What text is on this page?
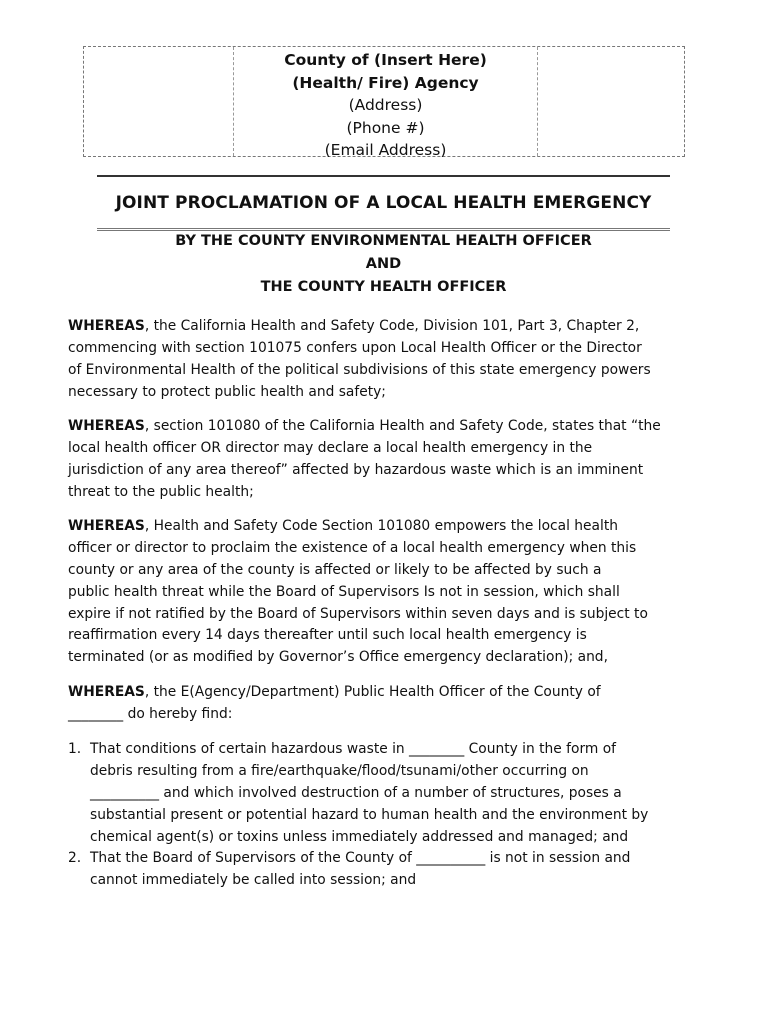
County of (Insert Here)
(Health/ Fire) Agency
(Address)
(Phone #)
(Email Address)
JOINT PROCLAMATION OF A LOCAL HEALTH EMERGENCY
BY THE COUNTY ENVIRONMENTAL HEALTH OFFICER
AND
THE COUNTY HEALTH OFFICER
WHEREAS, the California Health and Safety Code, Division 101, Part 3, Chapter 2,
commencing with section 101075 confers upon Local Health Officer or the Director
of Environmental Health of the political subdivisions of this state emergency powers
necessary to protect public health and safety;
WHEREAS, section 101080 of the California Health and Safety Code, states that “the
local health officer OR director may declare a local health emergency in the
jurisdiction of any area thereof” affected by hazardous waste which is an imminent
threat to the public health;
WHEREAS, Health and Safety Code Section 101080 empowers the local health
officer or director to proclaim the existence of a local health emergency when this
county or any area of the county is affected or likely to be affected by such a
public health threat while the Board of Supervisors Is not in session, which shall
expire if not ratified by the Board of Supervisors within seven days and is subject to
reaffirmation every 14 days thereafter until such local health emergency is
terminated (or as modified by Governor’s Office emergency declaration); and,
WHEREAS, the E(Agency/Department) Public Health Officer of the County of
________ do hereby find:
1. That conditions of certain hazardous waste in ________ County in the form of
debris resulting from a fire/earthquake/flood/tsunami/other occurring on
__________ and which involved destruction of a number of structures, poses a
substantial present or potential hazard to human health and the environment by
chemical agent(s) or toxins unless immediately addressed and managed; and
2. That the Board of Supervisors of the County of __________ is not in session and
cannot immediately be called into session; and
